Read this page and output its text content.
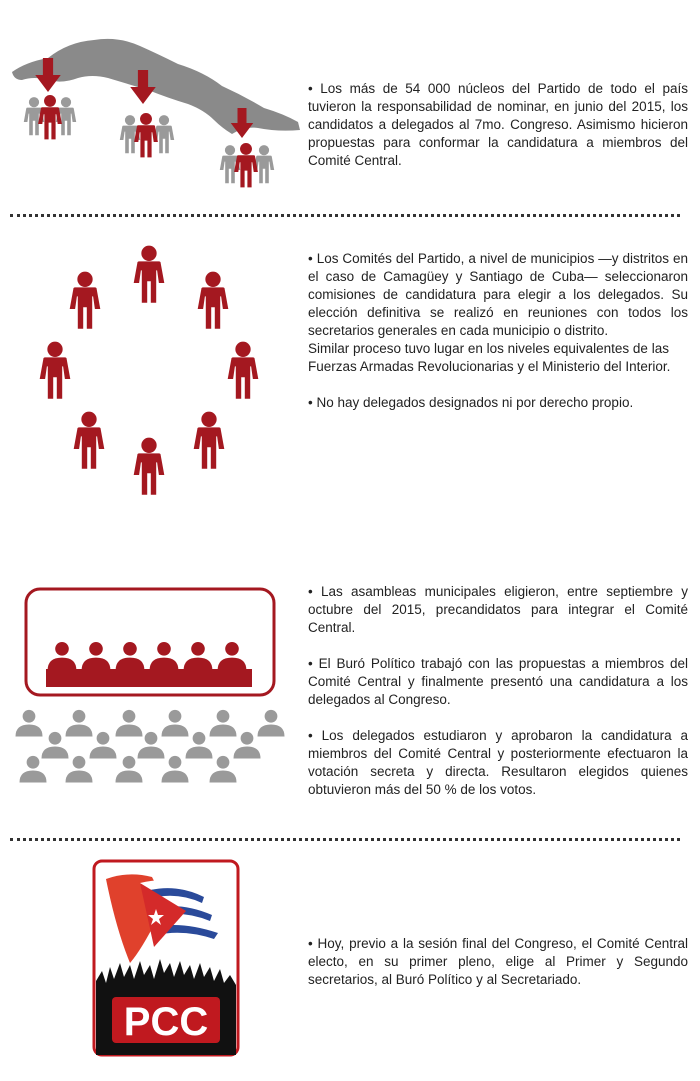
• Los más de 54 000 núcleos del Partido de todo el país tuvieron la responsabilidad de nominar, en junio del 2015, los candidatos a delegados al 7mo. Congreso. Asimismo hicieron propuestas para conformar la candidatura a miembros del Comité Central.

• Los Comités del Partido, a nivel de municipios —y distritos en el caso de Camagüey y Santiago de Cuba— seleccionaron comisiones de candidatura para elegir a los delegados. Su elección definitiva se realizó en reuniones con todos los secretarios generales en cada municipio o distrito.

Similar proceso tuvo lugar en los niveles equivalentes de las Fuerzas Armadas Revolucionarias y el Ministerio del Interior.

• No hay delegados designados ni por derecho propio.

• Las asambleas municipales eligieron, entre septiembre y octubre del 2015, precandidatos para integrar el Comité Central.

• El Buró Político trabajó con las propuestas a miembros del Comité Central y finalmente presentó una candidatura a los delegados al Congreso.

• Los delegados estudiaron y aprobaron la candidatura a miembros del Comité Central y posteriormente efectuaron la votación secreta y directa. Resultaron elegidos quienes obtuvieron más del 50 % de los votos.

PCC

• Hoy, previo a la sesión final del Congreso, el Comité Central electo, en su primer pleno, elige al Primer y Segundo secretarios, al Buró Político y al Secretariado.
